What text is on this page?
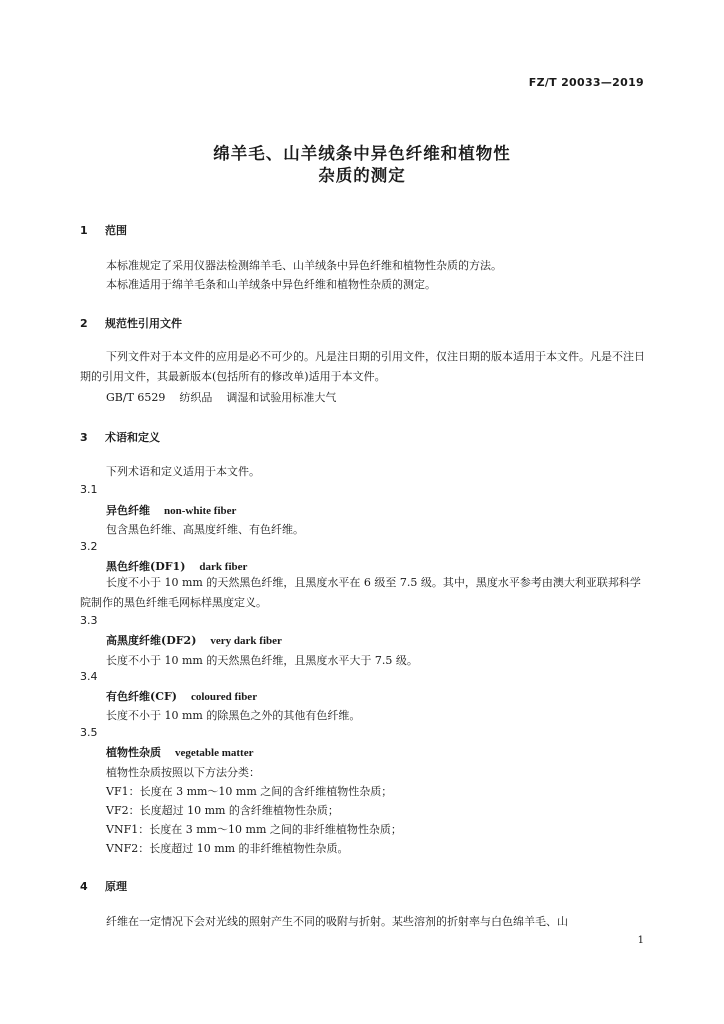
FZ/T 20033—2019
绵羊毛、山羊绒条中异色纤维和植物性
杂质的测定
1 范围
本标准规定了采用仪器法检测绵羊毛、山羊绒条中异色纤维和植物性杂质的方法。
本标准适用于绵羊毛条和山羊绒条中异色纤维和植物性杂质的测定。
2 规范性引用文件
下列文件对于本文件的应用是必不可少的。凡是注日期的引用文件，仅注日期的版本适用于本文件。凡是不注日期的引用文件，其最新版本(包括所有的修改单)适用于本文件。
GB/T 6529 纺织品 调湿和试验用标准大气
3 术语和定义
下列术语和定义适用于本文件。
3.1
异色纤维 non-white fiber
包含黑色纤维、高黑度纤维、有色纤维。
3.2
黑色纤维(DF1) dark fiber
长度不小于 10 mm 的天然黑色纤维，且黑度水平在 6 级至 7.5 级。其中，黑度水平参考由澳大利亚联邦科学院制作的黑色纤维毛网标样黑度定义。
3.3
高黑度纤维(DF2) very dark fiber
长度不小于 10 mm 的天然黑色纤维，且黑度水平大于 7.5 级。
3.4
有色纤维(CF) coloured fiber
长度不小于 10 mm 的除黑色之外的其他有色纤维。
3.5
植物性杂质 vegetable matter
植物性杂质按照以下方法分类：
VF1：长度在 3 mm～10 mm 之间的含纤维植物性杂质；
VF2：长度超过 10 mm 的含纤维植物性杂质；
VNF1：长度在 3 mm～10 mm 之间的非纤维植物性杂质；
VNF2：长度超过 10 mm 的非纤维植物性杂质。
4 原理
纤维在一定情况下会对光线的照射产生不同的吸附与折射。某些溶剂的折射率与白色绵羊毛、山
1
